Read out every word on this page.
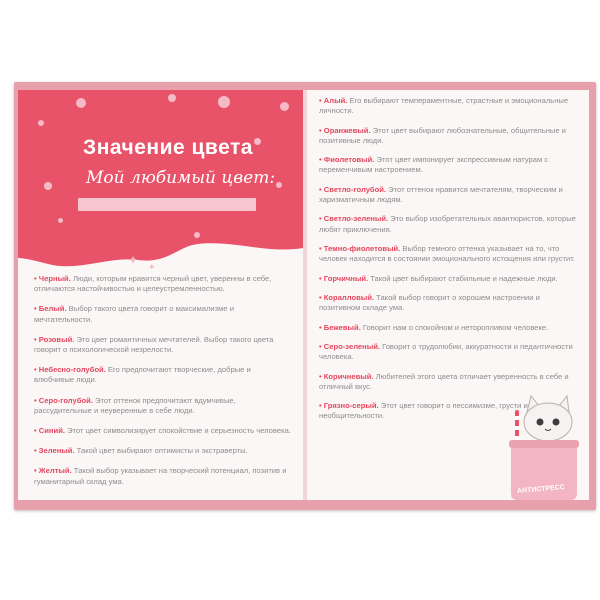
Значение цвета
Мой любимый цвет:
✦ ✦
• Черный. Люди, которым нравится черный цвет, уверенны в себе, отличаются настойчивостью и целеустремленностью.
• Белый. Выбор такого цвета говорит о максимализме и мечтательности.
• Розовый. Это цвет романтичных мечтателей. Выбор такого цвета говорит о психологической незрелости.
• Небесно-голубой. Его предпочитают творческие, добрые и влюбчивые люди.
• Серо-голубой. Этот оттенок предпочитают вдумчивые, рассудительные и неуверенные в себе люди.
• Синий. Этот цвет символизирует спокойствие и серьезность человека.
• Зеленый. Такой цвет выбирают оптимисты и экстраверты.
• Желтый. Такой выбор указывает на творческий потенциал, позитив и гуманитарный склад ума.
• Алый. Его выбирают темпераментные, страстные и эмоциональные личности.
• Оранжевый. Этот цвет выбирают любознательные, общительные и позитивные люди.
• Фиолетовый. Этот цвет импонирует экспрессивным натурам с переменчивым настроением.
• Светло-голубой. Этот оттенок нравится мечтателям, творческим и харизматичным людям.
• Светло-зеленый. Это выбор изобретательных авантюристов, которые любят приключения.
• Темно-фиолетовый. Выбор темного оттенка указывает на то, что человек находится в состоянии эмоционального истощения или грустит.
• Горчичный. Такой цвет выбирают стабильные и надежные люди.
• Коралловый. Такой выбор говорит о хорошем настроении и позитивном складе ума.
• Бежевый. Говорит нам о спокойном и неторопливом человеке.
• Серо-зеленый. Говорит о трудолюбии, аккуратности и педантичности человека.
• Коричневый. Любителей этого цвета отличает уверенность в себе и отличный вкус.
• Грязно-серый. Этот цвет говорит о пессимизме, грусти и необщительности.
АНТИСТРЕСС
